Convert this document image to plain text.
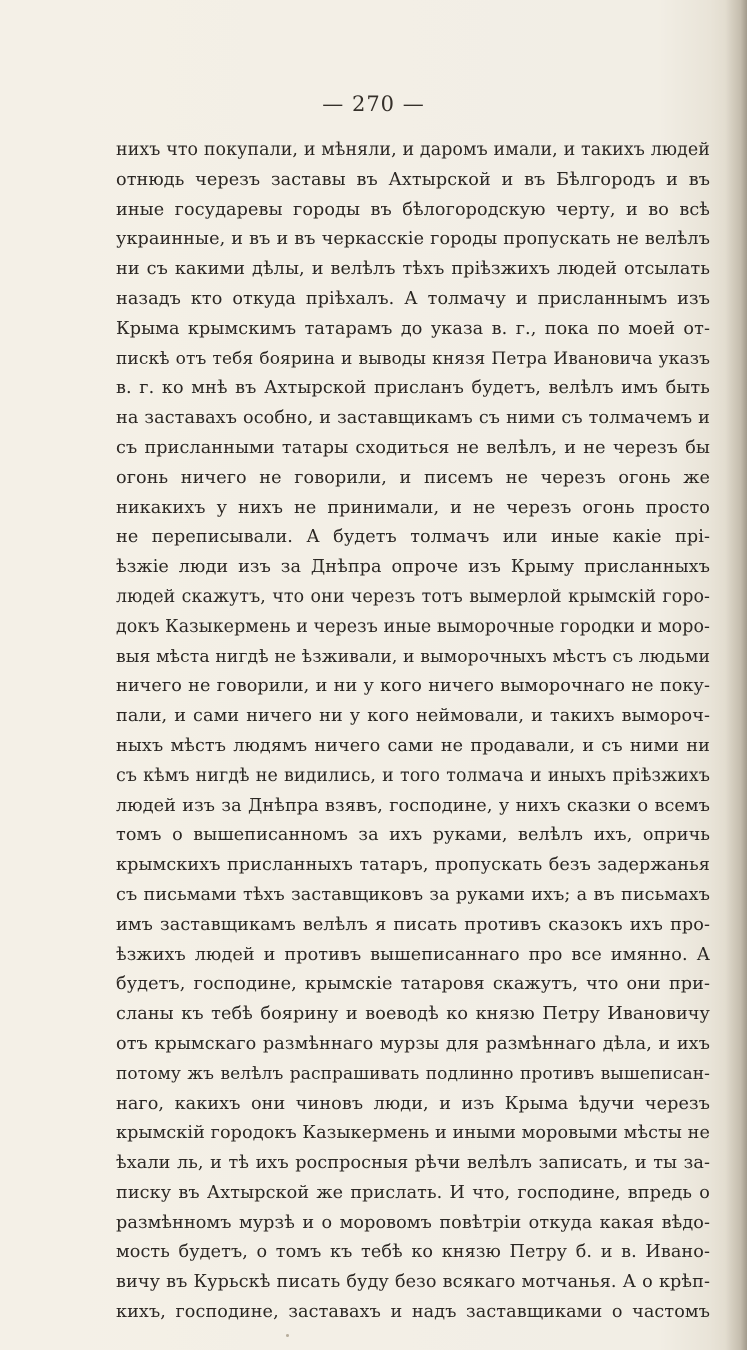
— 270 —
нихъ что покупали, и мѣняли, и даромъ имали, и такихъ людей
отнюдь черезъ заставы въ Ахтырской и въ Бѣлгородъ и въ
иные государевы городы въ бѣлогородскую черту, и во всѣ
украинные, и въ и въ черкасскіе городы пропускать не велѣлъ
ни съ какими дѣлы, и велѣлъ тѣхъ пріѣзжихъ людей отсылать
назадъ кто откуда пріѣхалъ. А толмачу и присланнымъ изъ
Крыма крымскимъ татарамъ до указа в. г., пока по моей от-
пискѣ отъ тебя боярина и выводы князя Петра Ивановича указъ
в. г. ко мнѣ въ Ахтырской присланъ будетъ, велѣлъ имъ быть
на заставахъ особно, и заставщикамъ съ ними съ толмачемъ и
съ присланными татары сходиться не велѣлъ, и не черезъ бы
огонь ничего не говорили, и писемъ не черезъ огонь же
никакихъ у нихъ не принимали, и не черезъ огонь просто
не переписывали. А будетъ толмачъ или иные какіе прі-
ѣзжіе люди изъ за Днѣпра опроче изъ Крыму присланныхъ
людей скажутъ, что они черезъ тотъ вымерлой крымскій горо-
докъ Казыкермень и черезъ иные выморочные городки и моро-
выя мѣста нигдѣ не ѣзживали, и выморочныхъ мѣстъ съ людьми
ничего не говорили, и ни у кого ничего выморочнаго не поку-
пали, и сами ничего ни у кого неймовали, и такихъ вымороч-
ныхъ мѣстъ людямъ ничего сами не продавали, и съ ними ни
съ кѣмъ нигдѣ не видились, и того толмача и иныхъ пріѣзжихъ
людей изъ за Днѣпра взявъ, господине, у нихъ сказки о всемъ
томъ о вышеписанномъ за ихъ руками, велѣлъ ихъ, опричь
крымскихъ присланныхъ татаръ, пропускать безъ задержанья
съ письмами тѣхъ заставщиковъ за руками ихъ; а въ письмахъ
имъ заставщикамъ велѣлъ я писать противъ сказокъ ихъ про-
ѣзжихъ людей и противъ вышеписаннаго про все имянно. А
будетъ, господине, крымскіе татаровя скажутъ, что они при-
сланы къ тебѣ боярину и воеводѣ ко князю Петру Ивановичу
отъ крымскаго размѣннаго мурзы для размѣннаго дѣла, и ихъ
потому жъ велѣлъ распрашивать подлинно противъ вышеписан-
наго, какихъ они чиновъ люди, и изъ Крыма ѣдучи черезъ
крымскій городокъ Казыкермень и иными моровыми мѣсты не
ѣхали ль, и тѣ ихъ роспросныя рѣчи велѣлъ записать, и ты за-
писку въ Ахтырской же прислать. И что, господине, впредь о
размѣнномъ мурзѣ и о моровомъ повѣтріи откуда какая вѣдо-
мость будетъ, о томъ къ тебѣ ко князю Петру б. и в. Ивано-
вичу въ Курьскѣ писать буду безо всякаго мотчанья. А о крѣп-
кихъ, господине, заставахъ и надъ заставщиками о частомъ
